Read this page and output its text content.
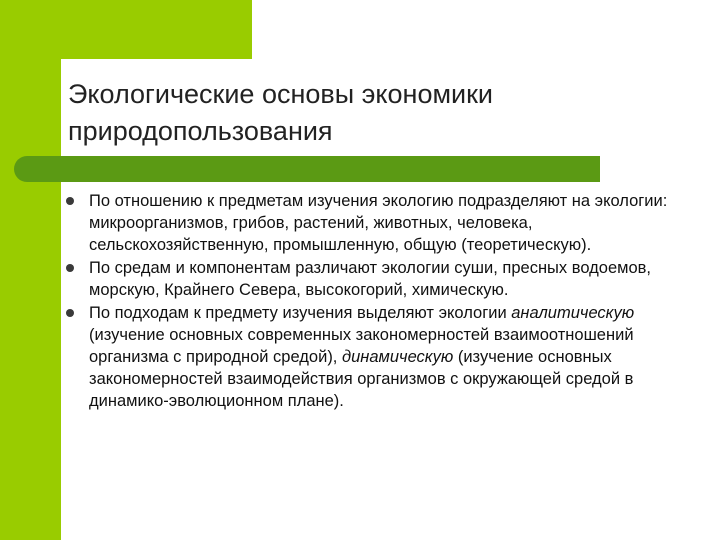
Экологические основы экономики
природопользования
По отношению к предметам изучения экологию подразделяют на экологии: микроорганизмов, грибов, растений, животных, человека, сельскохозяйственную, промышленную, общую (теоретическую).
По средам и компонентам различают экологии суши, пресных водоемов, морскую, Крайнего Севера, высокогорий, химическую.
По подходам к предмету изучения выделяют экологии аналитическую (изучение основных современных закономерностей взаимоотношений организма с природной средой), динамическую (изучение основных закономерностей взаимодействия организмов с окружающей средой в динамико-эволюционном плане).
